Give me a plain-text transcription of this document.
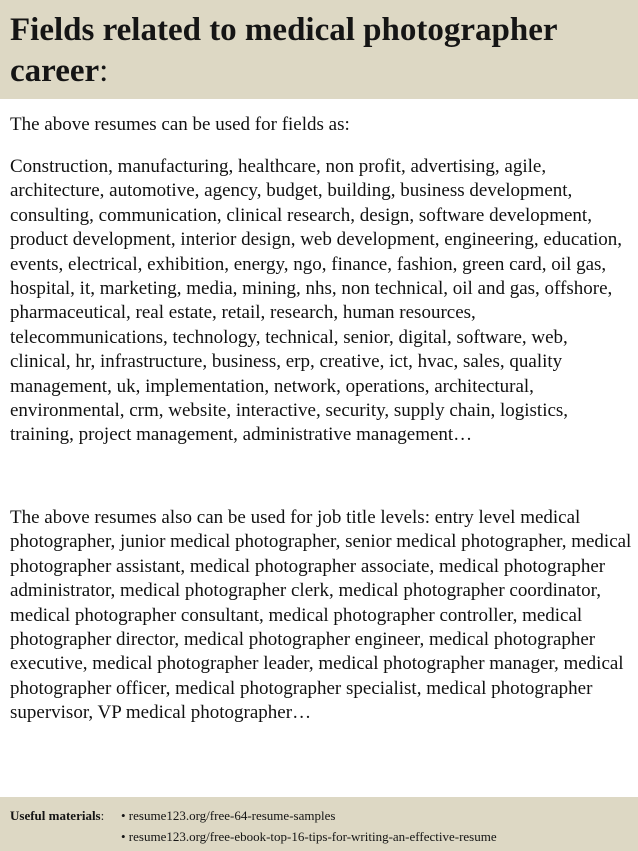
Fields related to medical photographer career:

The above resumes can be used for fields as:

Construction, manufacturing, healthcare, non profit, advertising, agile, architecture, automotive, agency, budget, building, business development, consulting, communication, clinical research, design, software development, product development, interior design, web development, engineering, education, events, electrical, exhibition, energy, ngo, finance, fashion, green card, oil gas, hospital, it, marketing, media, mining, nhs, non technical, oil and gas, offshore, pharmaceutical, real estate, retail, research, human resources, telecommunications, technology, technical, senior, digital, software, web, clinical, hr, infrastructure, business, erp, creative, ict, hvac, sales, quality management, uk, implementation, network, operations, architectural, environmental, crm, website, interactive, security, supply chain, logistics, training, project management, administrative management…

The above resumes also can be used for job title levels: entry level medical photographer, junior medical photographer, senior medical photographer, medical photographer assistant, medical photographer associate, medical photographer administrator, medical photographer clerk, medical photographer coordinator, medical photographer consultant, medical photographer controller, medical photographer director, medical photographer engineer, medical photographer executive, medical photographer leader, medical photographer manager, medical photographer officer, medical photographer specialist, medical photographer supervisor, VP medical photographer…

Useful materials: • resume123.org/free-64-resume-samples
• resume123.org/free-ebook-top-16-tips-for-writing-an-effective-resume
